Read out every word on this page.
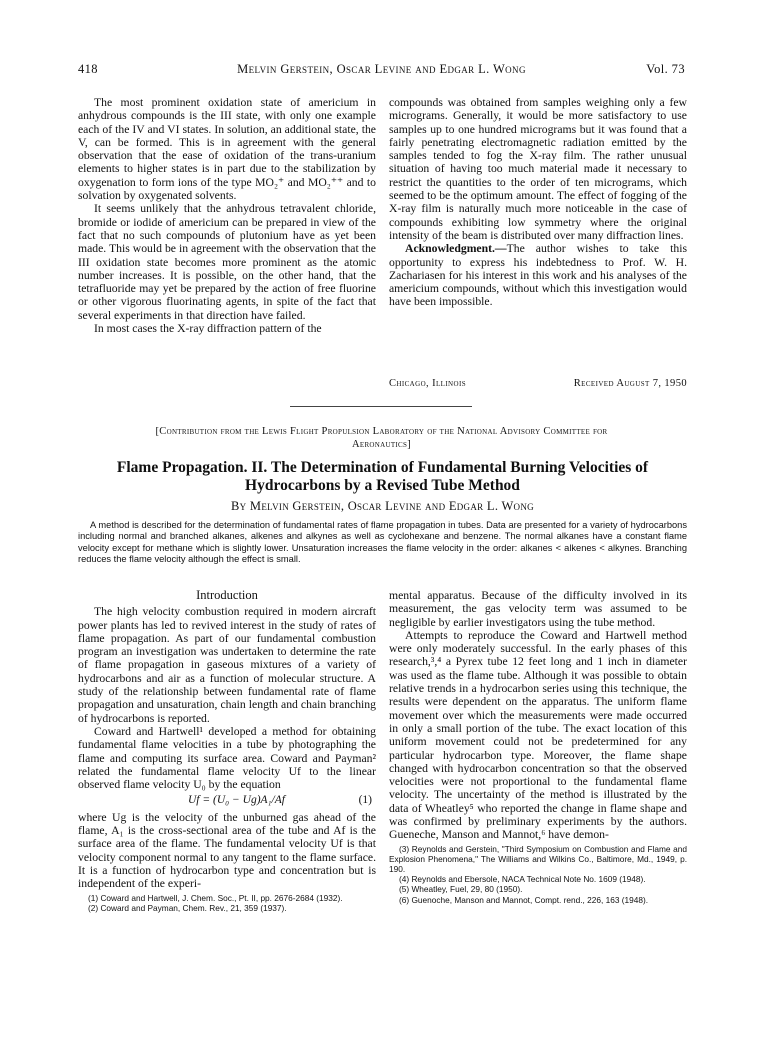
418	Melvin Gerstein, Oscar Levine and Edgar L. Wong	Vol. 73

The most prominent oxidation state of americium in anhydrous compounds is the III state, with only one example each of the IV and VI states. In solution, an additional state, the V, can be formed. This is in agreement with the general observation that the ease of oxidation of the trans-uranium elements to higher states is in part due to the stabilization by oxygenation to form ions of the type MO₂⁺ and MO₂⁺⁺ and to solvation by oxygenated solvents.

It seems unlikely that the anhydrous tetravalent chloride, bromide or iodide of americium can be prepared in view of the fact that no such compounds of plutonium have as yet been made. This would be in agreement with the observation that the III oxidation state becomes more prominent as the atomic number increases. It is possible, on the other hand, that the tetrafluoride may yet be prepared by the action of free fluorine or other vigorous fluorinating agents, in spite of the fact that several experiments in that direction have failed.

In most cases the X-ray diffraction pattern of the

compounds was obtained from samples weighing only a few micrograms. Generally, it would be more satisfactory to use samples up to one hundred micrograms but it was found that a fairly penetrating electromagnetic radiation emitted by the samples tended to fog the X-ray film. The rather unusual situation of having too much material made it necessary to restrict the quantities to the order of ten micrograms, which seemed to be the optimum amount. The effect of fogging of the X-ray film is naturally much more noticeable in the case of compounds exhibiting low symmetry where the original intensity of the beam is distributed over many diffraction lines.

Acknowledgment.—The author wishes to take this opportunity to express his indebtedness to Prof. W. H. Zachariasen for his interest in this work and his analyses of the americium compounds, without which this investigation would have been impossible.

Chicago, Illinois	Received August 7, 1950
[Contribution from the Lewis Flight Propulsion Laboratory of the National Advisory Committee for
Aeronautics]
Flame Propagation. II. The Determination of Fundamental Burning Velocities of
Hydrocarbons by a Revised Tube Method
By Melvin Gerstein, Oscar Levine and Edgar L. Wong

A method is described for the determination of fundamental rates of flame propagation in tubes. Data are presented for a variety of hydrocarbons including normal and branched alkanes, alkenes and alkynes as well as cyclohexane and benzene. The normal alkanes have a constant flame velocity except for methane which is slightly lower. Unsaturation increases the flame velocity in the order: alkanes < alkenes < alkynes. Branching reduces the flame velocity although the effect is small.

Introduction

The high velocity combustion required in modern aircraft power plants has led to revived interest in the study of rates of flame propagation. As part of our fundamental combustion program an investigation was undertaken to determine the rate of flame propagation in gaseous mixtures of a variety of hydrocarbons and air as a function of molecular structure. A study of the relationship between fundamental rate of flame propagation and unsaturation, chain length and chain branching of hydrocarbons is reported.

Coward and Hartwell¹ developed a method for obtaining fundamental flame velocities in a tube by photographing the flame and computing its surface area. Coward and Payman² related the fundamental flame velocity Uf to the linear observed flame velocity U₀ by the equation

Uf = (U₀ − Ug)A₁/Af	(1)

where Ug is the velocity of the unburned gas ahead of the flame, A₁ is the cross-sectional area of the tube and Af is the surface area of the flame. The fundamental velocity Uf is that velocity component normal to any tangent to the flame surface. It is a function of hydrocarbon type and concentration but is independent of the experi-

(1) Coward and Hartwell, J. Chem. Soc., Pt. II, pp. 2676-2684 (1932).
(2) Coward and Payman, Chem. Rev., 21, 359 (1937).

mental apparatus. Because of the difficulty involved in its measurement, the gas velocity term was assumed to be negligible by earlier investigators using the tube method.

Attempts to reproduce the Coward and Hartwell method were only moderately successful. In the early phases of this research,³,⁴ a Pyrex tube 12 feet long and 1 inch in diameter was used as the flame tube. Although it was possible to obtain relative trends in a hydrocarbon series using this technique, the results were dependent on the apparatus. The uniform flame movement over which the measurements were made occurred in only a small portion of the tube. The exact location of this uniform movement could not be predetermined for any particular hydrocarbon type. Moreover, the flame shape changed with hydrocarbon concentration so that the observed velocities were not proportional to the fundamental flame velocity. The uncertainty of the method is illustrated by the data of Wheatley⁵ who reported the change in flame shape and was confirmed by preliminary experiments by the authors. Gueneche, Manson and Mannot,⁶ have demon-

(3) Reynolds and Gerstein, "Third Symposium on Combustion and Flame and Explosion Phenomena," The Williams and Wilkins Co., Baltimore, Md., 1949, p. 190.
(4) Reynolds and Ebersole, NACA Technical Note No. 1609 (1948).
(5) Wheatley, Fuel, 29, 80 (1950).
(6) Guenoche, Manson and Mannot, Compt. rend., 226, 163 (1948).
